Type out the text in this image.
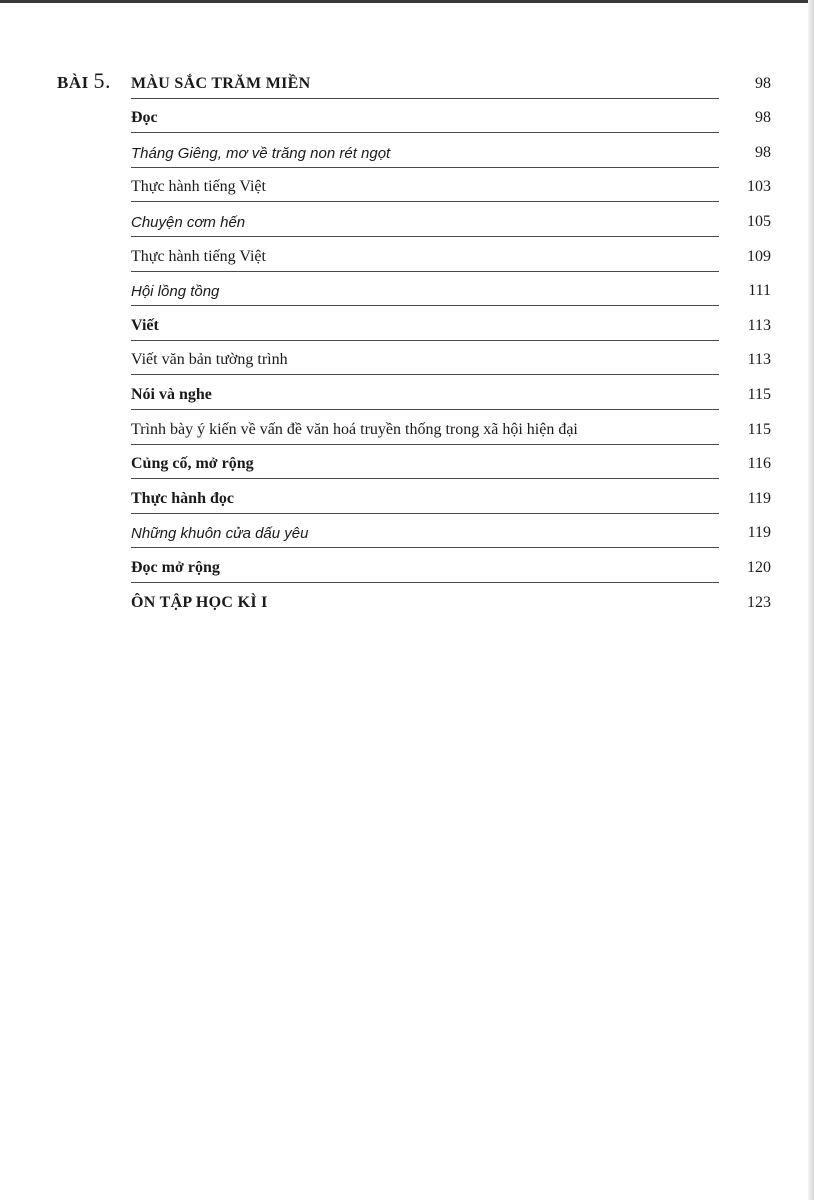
BÀI 5. MÀU SẮC TRĂM MIỀN	98
Đọc	98
Tháng Giêng, mơ về trăng non rét ngọt	98
Thực hành tiếng Việt	103
Chuyện cơm hến	105
Thực hành tiếng Việt	109
Hội lồng tồng	111
Viết	113
Viết văn bản tường trình	113
Nói và nghe	115
Trình bày ý kiến về vấn đề văn hoá truyền thống trong xã hội hiện đại	115
Củng cố, mở rộng	116
Thực hành đọc	119
Những khuôn cửa dấu yêu	119
Đọc mở rộng	120
ÔN TẬP HỌC KÌ I	123
